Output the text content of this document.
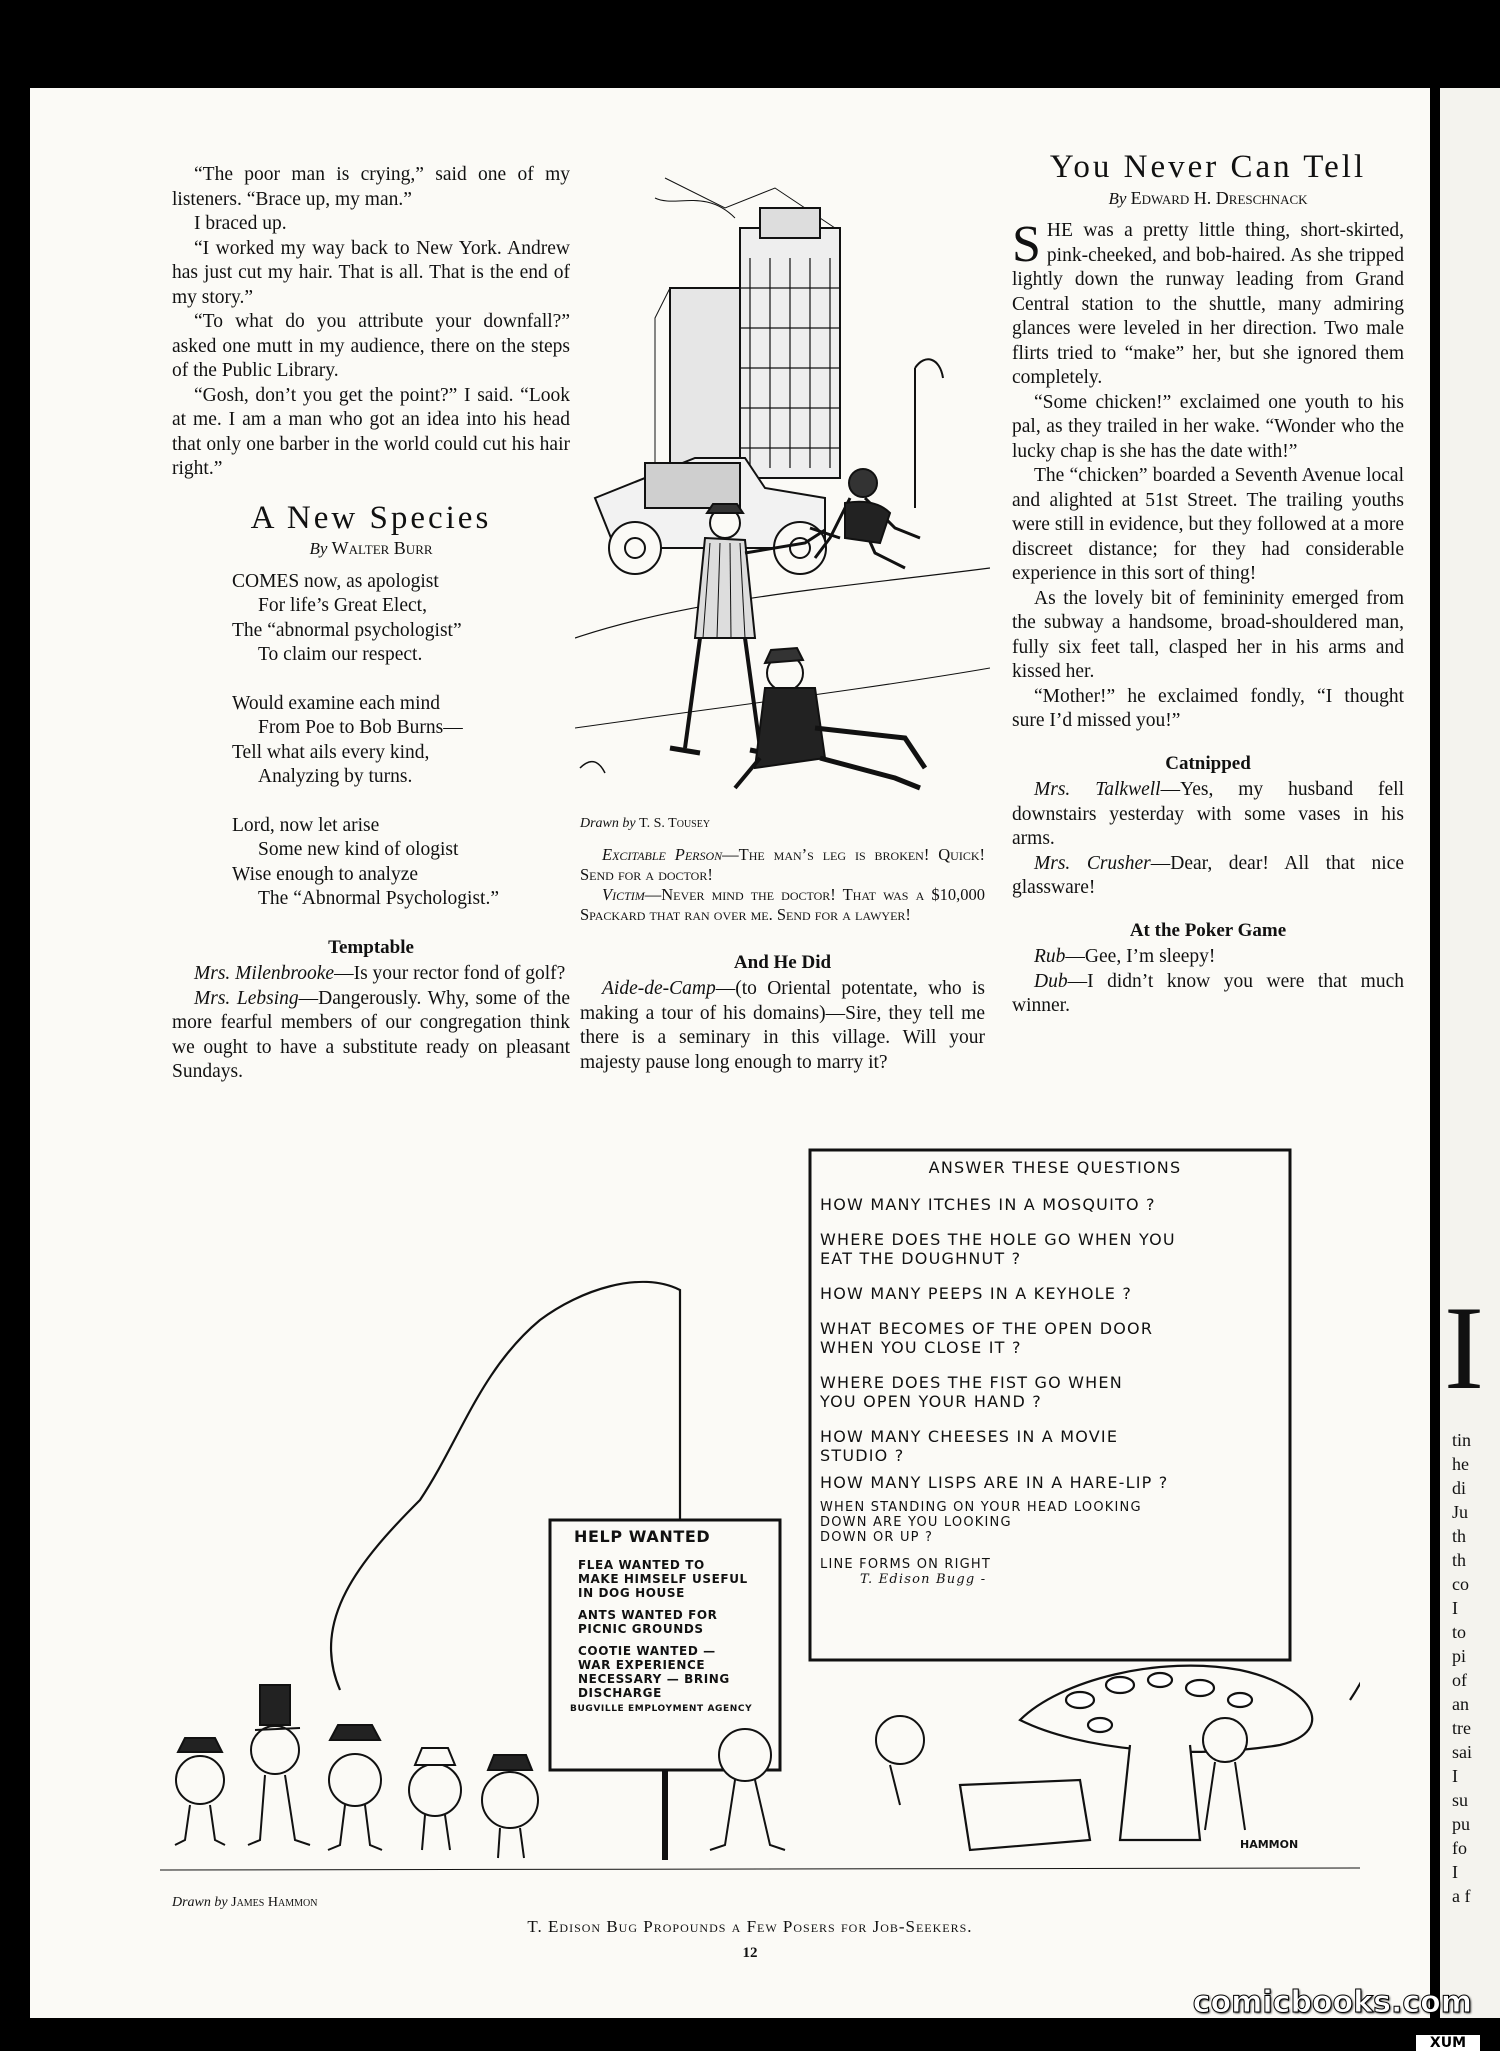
“The poor man is crying,” said one of my listeners. “Brace up, my man.”

I braced up.

“I worked my way back to New York. Andrew has just cut my hair. That is all. That is the end of my story.”

“To what do you attribute your downfall?” asked one mutt in my audience, there on the steps of the Public Library.

“Gosh, don’t you get the point?” I said. “Look at me. I am a man who got an idea into his head that only one barber in the world could cut his hair right.”

A New Species
By Walter Burr
COMES now, as apologist
For life’s Great Elect,
The “abnormal psychologist”
To claim our respect.
Would examine each mind
From Poe to Bob Burns—
Tell what ails every kind,
Analyzing by turns.
Lord, now let arise
Some new kind of ologist
Wise enough to analyze
The “Abnormal Psychologist.”
Temptable

Mrs. Milenbrooke—Is your rector fond of golf?

Mrs. Lebsing—Dangerously. Why, some of the more fearful members of our congregation think we ought to have a substitute ready on pleasant Sundays.

Drawn by T. S. Tousey

Excitable Person—The man’s leg is broken! Quick! Send for a doctor!

Victim—Never mind the doctor! That was a $10,000 Spackard that ran over me. Send for a lawyer!

And He Did

Aide-de-Camp—(to Oriental potentate, who is making a tour of his domains)—Sire, they tell me there is a seminary in this village. Will your majesty pause long enough to marry it?

You Never Can Tell
By Edward H. Dreschnack

SHE was a pretty little thing, short-skirted, pink-cheeked, and bob-haired. As she tripped lightly down the runway leading from Grand Central station to the shuttle, many admiring glances were leveled in her direction. Two male flirts tried to “make” her, but she ignored them completely.

“Some chicken!” exclaimed one youth to his pal, as they trailed in her wake. “Wonder who the lucky chap is she has the date with!”

The “chicken” boarded a Seventh Avenue local and alighted at 51st Street. The trailing youths were still in evidence, but they followed at a more discreet distance; for they had considerable experience in this sort of thing!

As the lovely bit of femininity emerged from the subway a handsome, broad-shouldered man, fully six feet tall, clasped her in his arms and kissed her.

“Mother!” he exclaimed fondly, “I thought sure I’d missed you!”

Catnipped

Mrs. Talkwell—Yes, my husband fell downstairs yesterday with some vases in his arms.

Mrs. Crusher—Dear, dear! All that nice glassware!

At the Poker Game

Rub—Gee, I’m sleepy!

Dub—I didn’t know you were that much winner.

ANSWER THESE QUESTIONS
HOW MANY ITCHES IN A MOSQUITO ?
WHERE DOES THE HOLE GO WHEN YOU
EAT THE DOUGHNUT ?
HOW MANY PEEPS IN A KEYHOLE ?
WHAT BECOMES OF THE OPEN DOOR
WHEN YOU CLOSE IT ?
WHERE DOES THE FIST GO WHEN
YOU OPEN YOUR HAND ?
HOW MANY CHEESES IN A MOVIE
STUDIO ?
HOW MANY LISPS ARE IN A HARE-LIP ?
WHEN STANDING ON YOUR HEAD LOOKING
DOWN ARE YOU LOOKING
DOWN OR UP ?
LINE FORMS ON RIGHT
T. Edison Bugg -
HELP WANTED
FLEA WANTED TO
MAKE HIMSELF USEFUL
IN DOG HOUSE
ANTS WANTED FOR
PICNIC GROUNDS
COOTIE WANTED —
WAR EXPERIENCE
NECESSARY — BRING
DISCHARGE
BUGVILLE EMPLOYMENT AGENCY
HAMMON
Drawn by James Hammon
T. Edison Bug Propounds a Few Posers for Job-Seekers.
12
I
tin
he
di
Ju
th
th
co
I
to
pi
of
an
tre
sai
I
su
pu
fo
I
a f
comicbooks.com
XUM
